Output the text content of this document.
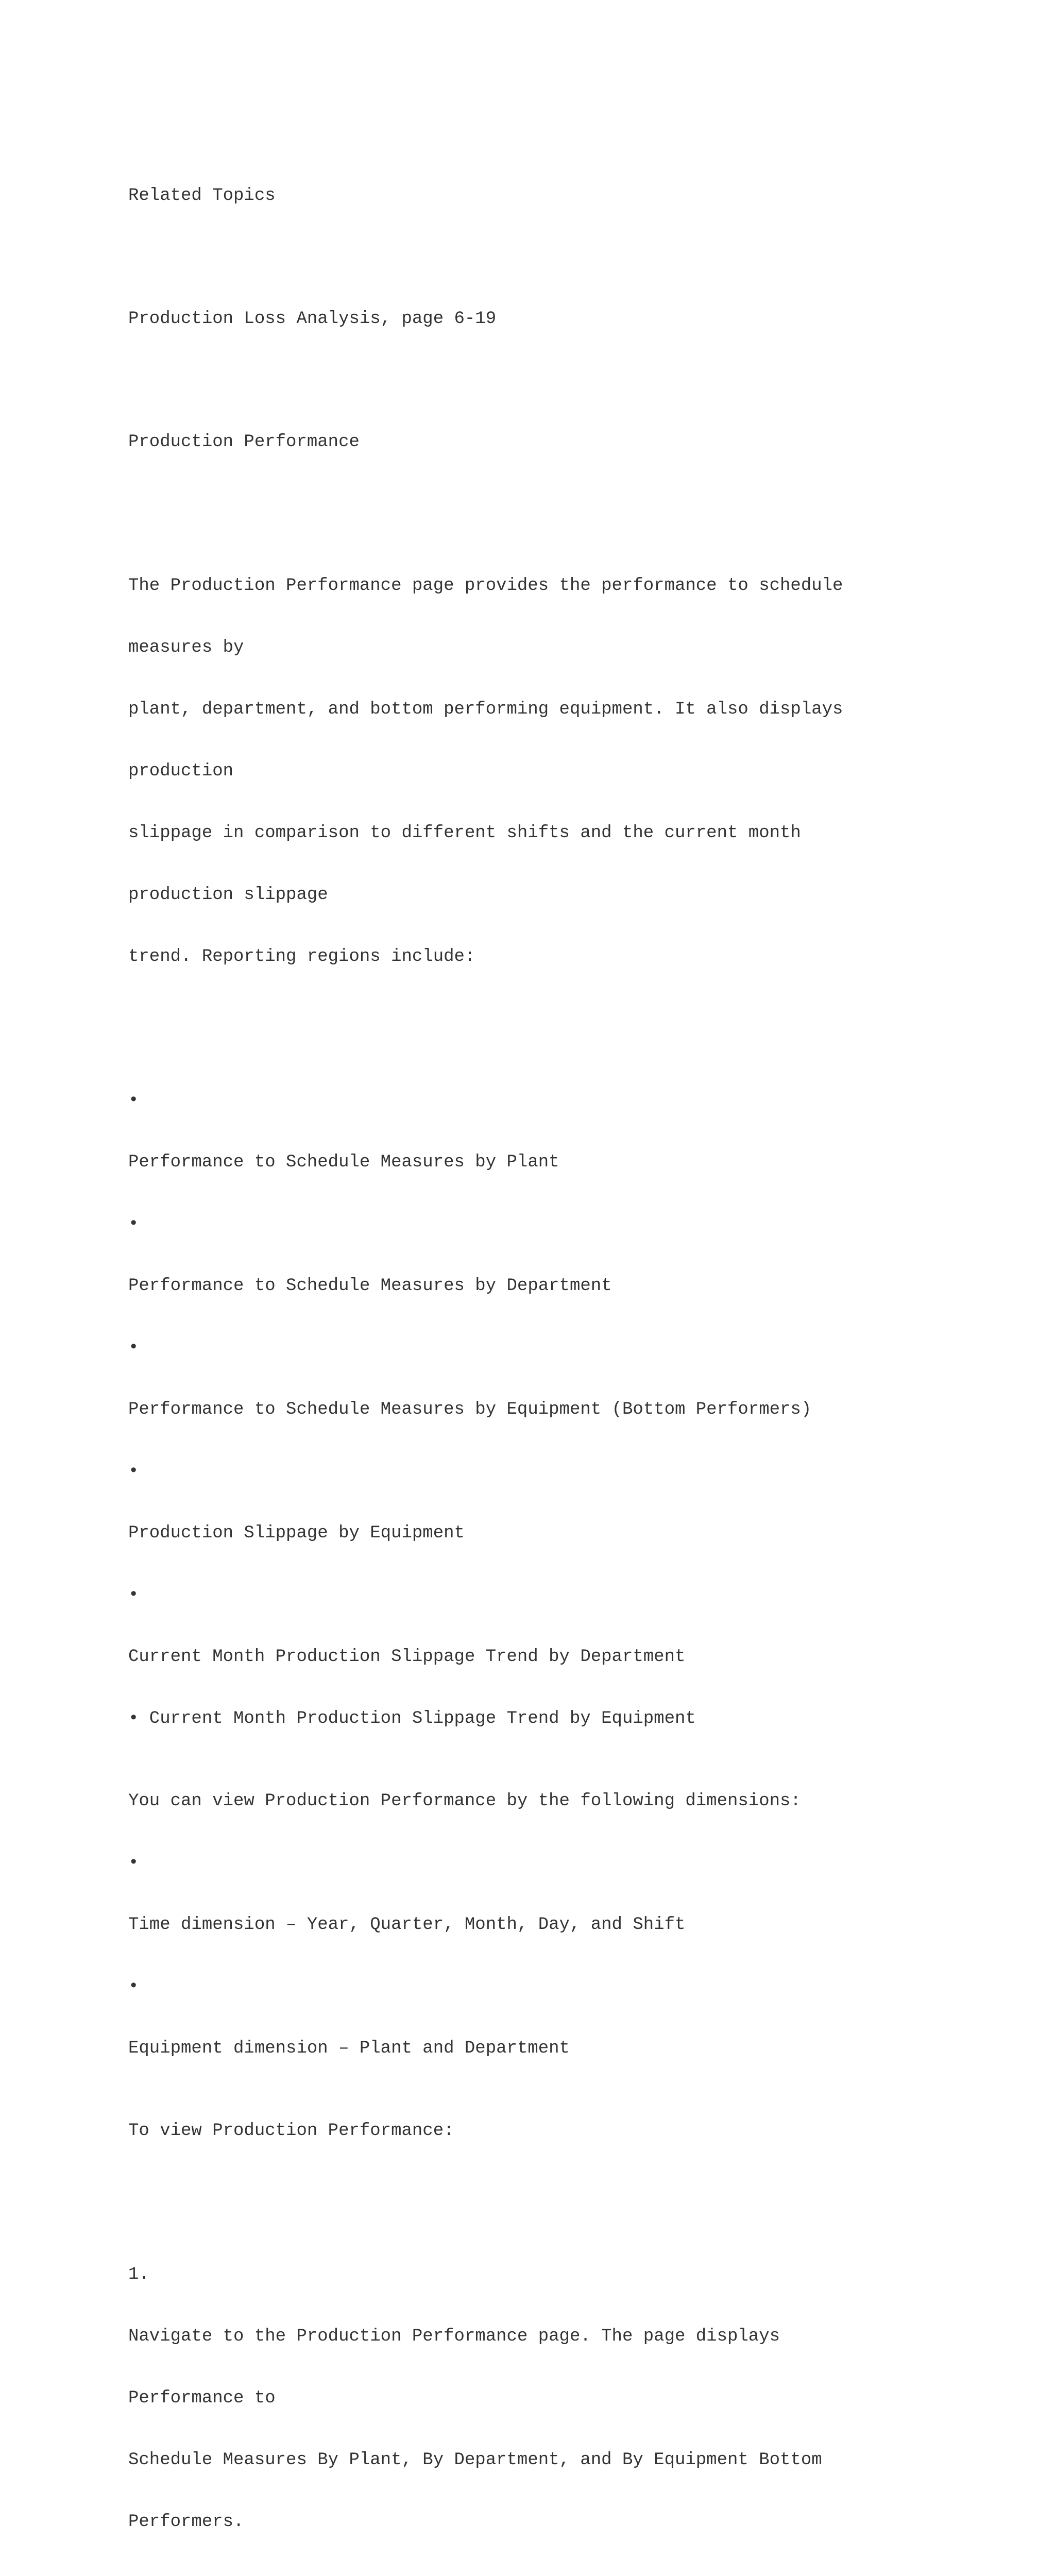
Related Topics

Production Loss Analysis, page 6-19

Production Performance

The Production Performance page provides the performance to schedule

measures by

plant, department, and bottom performing equipment. It also displays

production

slippage in comparison to different shifts and the current month

production slippage

trend. Reporting regions include:

•

Performance to Schedule Measures by Plant

•

Performance to Schedule Measures by Department

•

Performance to Schedule Measures by Equipment (Bottom Performers)

•

Production Slippage by Equipment

•

Current Month Production Slippage Trend by Department

• Current Month Production Slippage Trend by Equipment

You can view Production Performance by the following dimensions:

•

Time dimension – Year, Quarter, Month, Day, and Shift

•

Equipment dimension – Plant and Department

To view Production Performance:

1.

Navigate to the Production Performance page. The page displays

Performance to

Schedule Measures By Plant, By Department, and By Equipment Bottom

Performers.
